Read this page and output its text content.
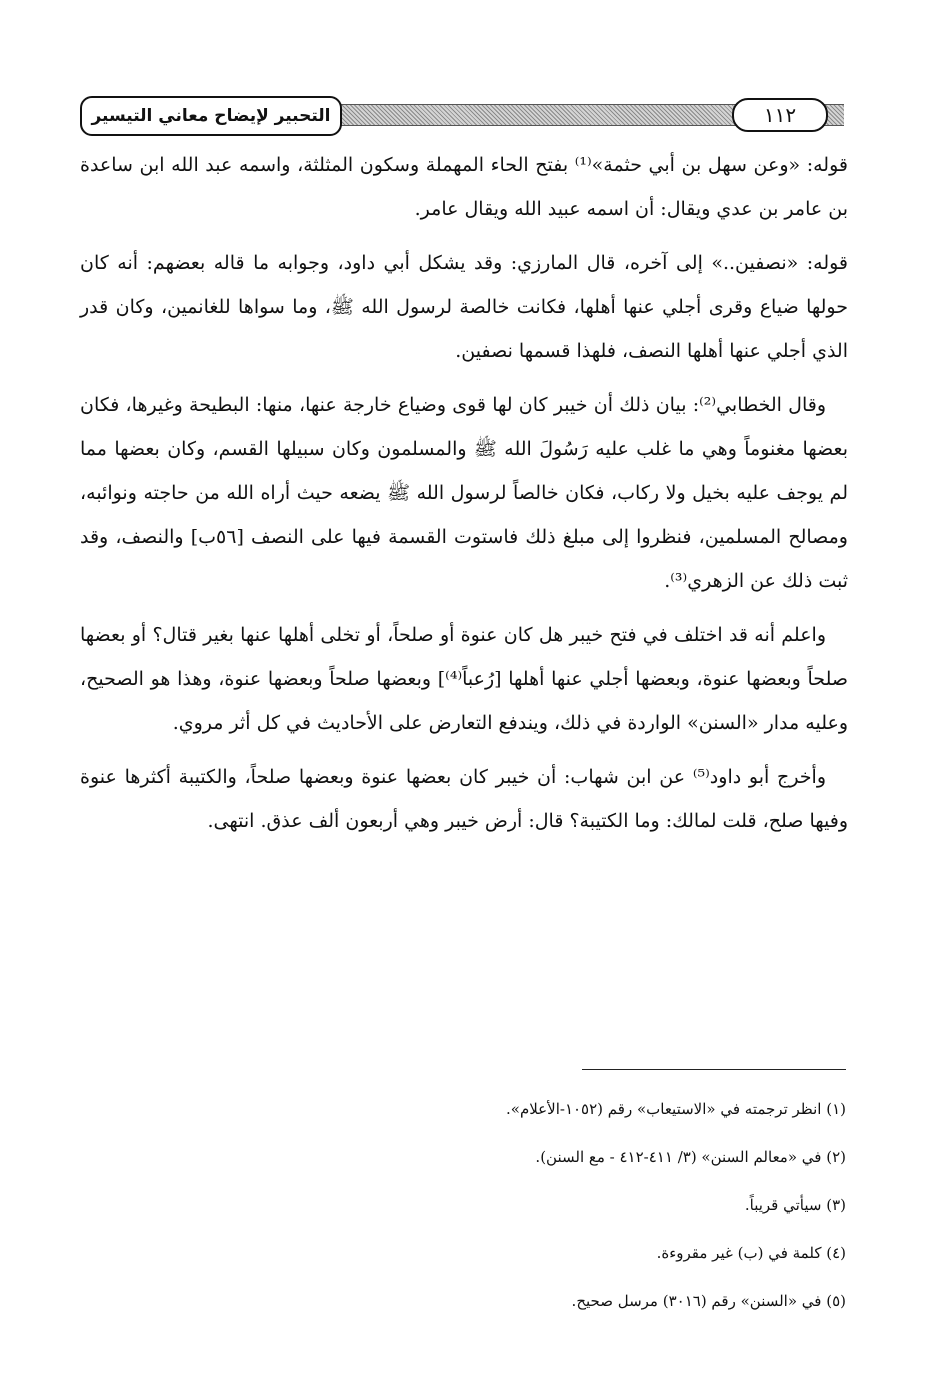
التحبير لإيضاح معاني التيسير	١١٢

قوله: «وعن سهل بن أبي حثمة»⁽¹⁾ بفتح الحاء المهملة وسكون المثلثة، واسمه عبد الله ابن ساعدة بن عامر بن عدي ويقال: أن اسمه عبيد الله ويقال عامر.

قوله: «نصفين..» إلى آخره، قال المارزي: وقد يشكل أبي داود، وجوابه ما قاله بعضهم: أنه كان حولها ضياع وقرى أجلي عنها أهلها، فكانت خالصة لرسول الله ﷺ، وما سواها للغانمين، وكان قدر الذي أجلي عنها أهلها النصف، فلهذا قسمها نصفين.

وقال الخطابي⁽²⁾: بيان ذلك أن خيبر كان لها قوى وضياع خارجة عنها، منها: البطيحة وغيرها، فكان بعضها مغنوماً وهي ما غلب عليه رَسُولَ الله ﷺ والمسلمون وكان سبيلها القسم، وكان بعضها مما لم يوجف عليه بخيل ولا ركاب، فكان خالصاً لرسول الله ﷺ يضعه حيث أراه الله من حاجته ونوائبه، ومصالح المسلمين، فنظروا إلى مبلغ ذلك فاستوت القسمة فيها على النصف [٥٦ب] والنصف، وقد ثبت ذلك عن الزهري⁽³⁾.

واعلم أنه قد اختلف في فتح خيبر هل كان عنوة أو صلحاً، أو تخلى أهلها عنها بغير قتال؟ أو بعضها صلحاً وبعضها عنوة، وبعضها أجلي عنها أهلها [رُعباً⁽⁴⁾] وبعضها صلحاً وبعضها عنوة، وهذا هو الصحيح، وعليه مدار «السنن» الواردة في ذلك، ويندفع التعارض على الأحاديث في كل أثر مروي.

وأخرج أبو داود⁽⁵⁾ عن ابن شهاب: أن خيبر كان بعضها عنوة وبعضها صلحاً، والكتيبة أكثرها عنوة وفيها صلح، قلت لمالك: وما الكتيبة؟ قال: أرض خيبر وهي أربعون ألف عذق. انتهى.

(١) انظر ترجمته في «الاستيعاب» رقم (١٠٥٢-الأعلام».

(٢) في «معالم السنن» (٣/ ٤١١-٤١٢ - مع السنن).

(٣) سيأتي قريباً.

(٤) كلمة في (ب) غير مقروءة.

(٥) في «السنن» رقم (٣٠١٦) مرسل صحيح.
